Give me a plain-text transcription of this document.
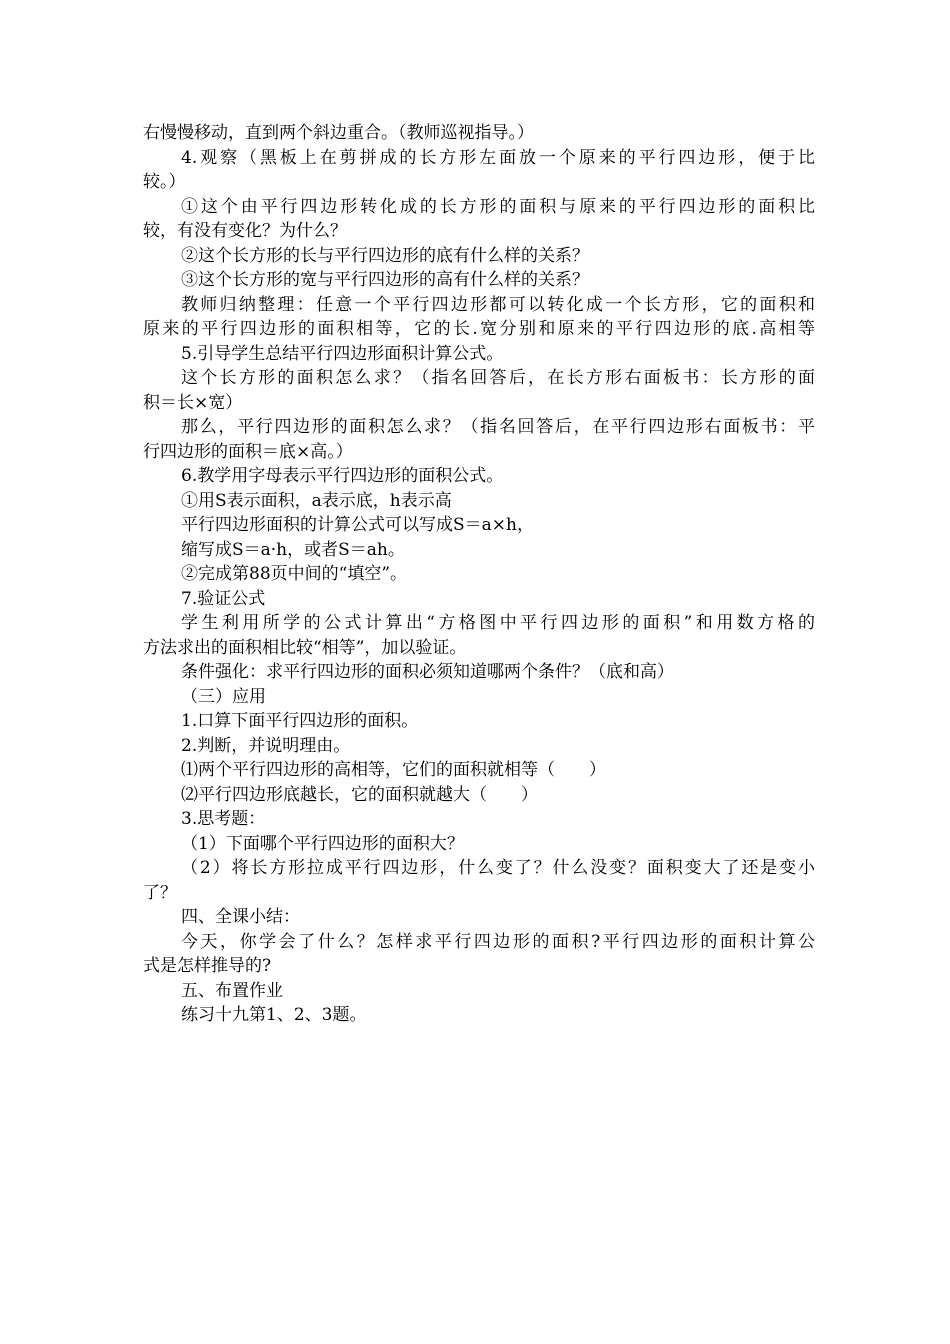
右慢慢移动，直到两个斜边重合。（教师巡视指导。）
4.观察（黑板上在剪拼成的长方形左面放一个原来的平行四边形，便于比
较。）
①这个由平行四边形转化成的长方形的面积与原来的平行四边形的面积比
较，有没有变化？为什么？
②这个长方形的长与平行四边形的底有什么样的关系？
③这个长方形的宽与平行四边形的高有什么样的关系？
教师归纳整理：任意一个平行四边形都可以转化成一个长方形，它的面积和
原来的平行四边形的面积相等，它的长.宽分别和原来的平行四边形的底.高相等
5.引导学生总结平行四边形面积计算公式。
这个长方形的面积怎么求？（指名回答后，在长方形右面板书：长方形的面
积＝长×宽）
那么，平行四边形的面积怎么求？（指名回答后，在平行四边形右面板书：平
行四边形的面积＝底×高。）
6.教学用字母表示平行四边形的面积公式。
①用S表示面积，a表示底，h表示高
平行四边形面积的计算公式可以写成S＝a×h，
缩写成S＝a·h，或者S＝ah。
②完成第88页中间的“填空”。
7.验证公式
学生利用所学的公式计算出“方格图中平行四边形的面积”和用数方格的
方法求出的面积相比较“相等”，加以验证。
条件强化：求平行四边形的面积必须知道哪两个条件？（底和高）
（三）应用
1.口算下面平行四边形的面积。
2.判断，并说明理由。
⑴两个平行四边形的高相等，它们的面积就相等（　　）
⑵平行四边形底越长，它的面积就越大（　　）
3.思考题：
（1）下面哪个平行四边形的面积大？
（2）将长方形拉成平行四边形，什么变了？什么没变？面积变大了还是变小
了？
四、全课小结：
今天，你学会了什么？怎样求平行四边形的面积?平行四边形的面积计算公
式是怎样推导的?
五、布置作业
练习十九第1、2、3题。
